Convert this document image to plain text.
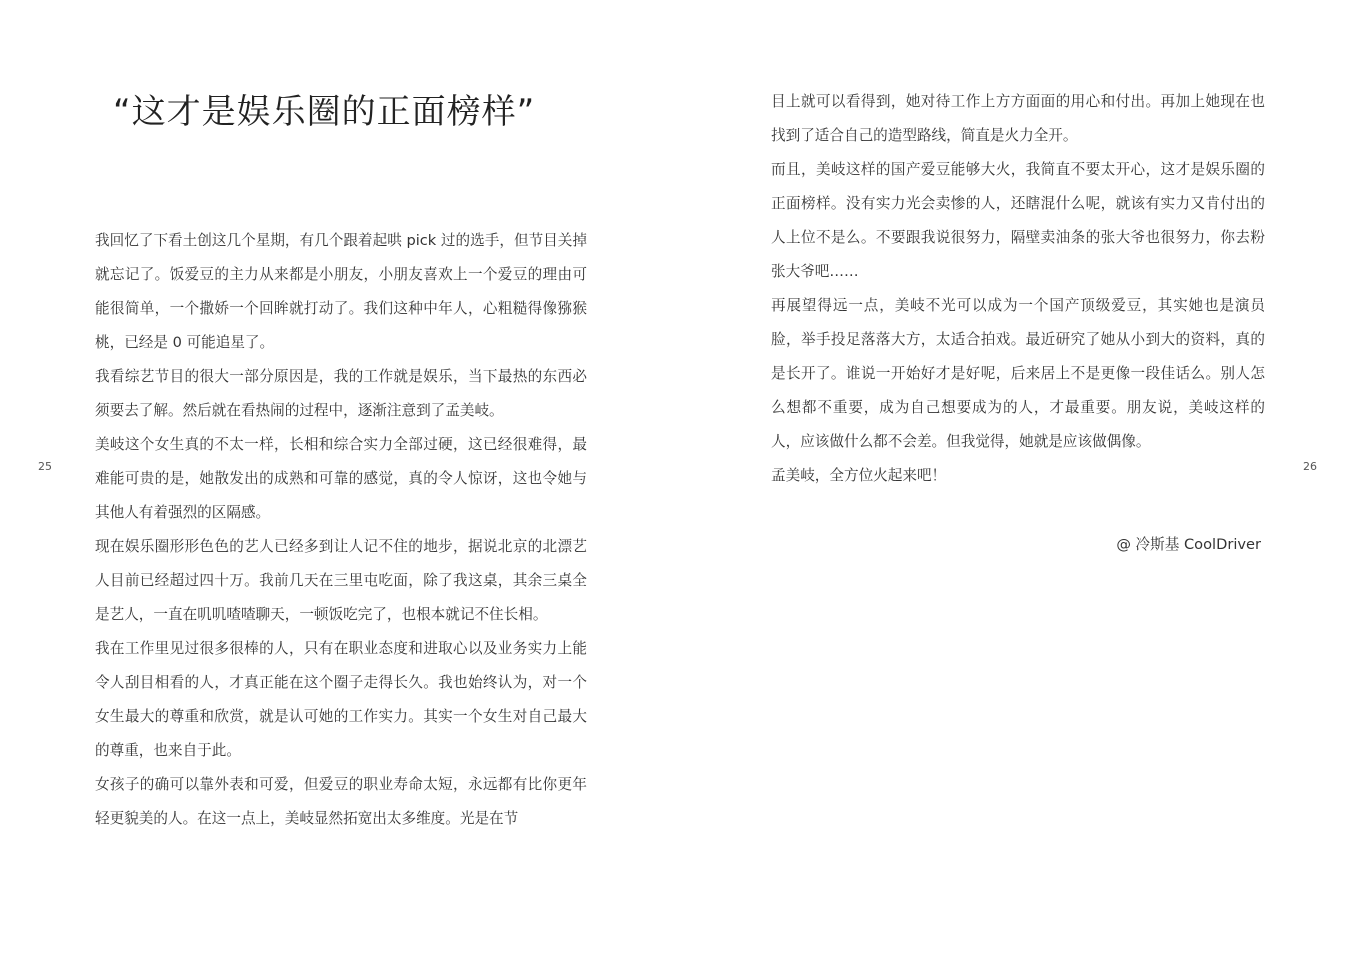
“这才是娱乐圈的正面榜样”

我回忆了下看土创这几个星期，有几个跟着起哄 pick 过的选手，但节目关掉就忘记了。饭爱豆的主力从来都是小朋友，小朋友喜欢上一个爱豆的理由可能很简单，一个撒娇一个回眸就打动了。我们这种中年人，心粗糙得像猕猴桃，已经是 0 可能追星了。

我看综艺节目的很大一部分原因是，我的工作就是娱乐，当下最热的东西必须要去了解。然后就在看热闹的过程中，逐渐注意到了孟美岐。

美岐这个女生真的不太一样，长相和综合实力全部过硬，这已经很难得，最难能可贵的是，她散发出的成熟和可靠的感觉，真的令人惊讶，这也令她与其他人有着强烈的区隔感。

现在娱乐圈形形色色的艺人已经多到让人记不住的地步，据说北京的北漂艺人目前已经超过四十万。我前几天在三里屯吃面，除了我这桌，其余三桌全是艺人，一直在叽叽喳喳聊天，一顿饭吃完了，也根本就记不住长相。

我在工作里见过很多很棒的人，只有在职业态度和进取心以及业务实力上能令人刮目相看的人，才真正能在这个圈子走得长久。我也始终认为，对一个女生最大的尊重和欣赏，就是认可她的工作实力。其实一个女生对自己最大的尊重，也来自于此。

女孩子的确可以靠外表和可爱，但爱豆的职业寿命太短，永远都有比你更年轻更貌美的人。在这一点上，美岐显然拓宽出太多维度。光是在节

25

目上就可以看得到，她对待工作上方方面面的用心和付出。再加上她现在也找到了适合自己的造型路线，简直是火力全开。

而且，美岐这样的国产爱豆能够大火，我简直不要太开心，这才是娱乐圈的正面榜样。没有实力光会卖惨的人，还瞎混什么呢，就该有实力又肯付出的人上位不是么。不要跟我说很努力，隔壁卖油条的张大爷也很努力，你去粉张大爷吧……

再展望得远一点，美岐不光可以成为一个国产顶级爱豆，其实她也是演员脸，举手投足落落大方，太适合拍戏。最近研究了她从小到大的资料，真的是长开了。谁说一开始好才是好呢，后来居上不是更像一段佳话么。别人怎么想都不重要，成为自己想要成为的人，才最重要。朋友说，美岐这样的人，应该做什么都不会差。但我觉得，她就是应该做偶像。

孟美岐，全方位火起来吧！

@ 冷斯基 CoolDriver
26
